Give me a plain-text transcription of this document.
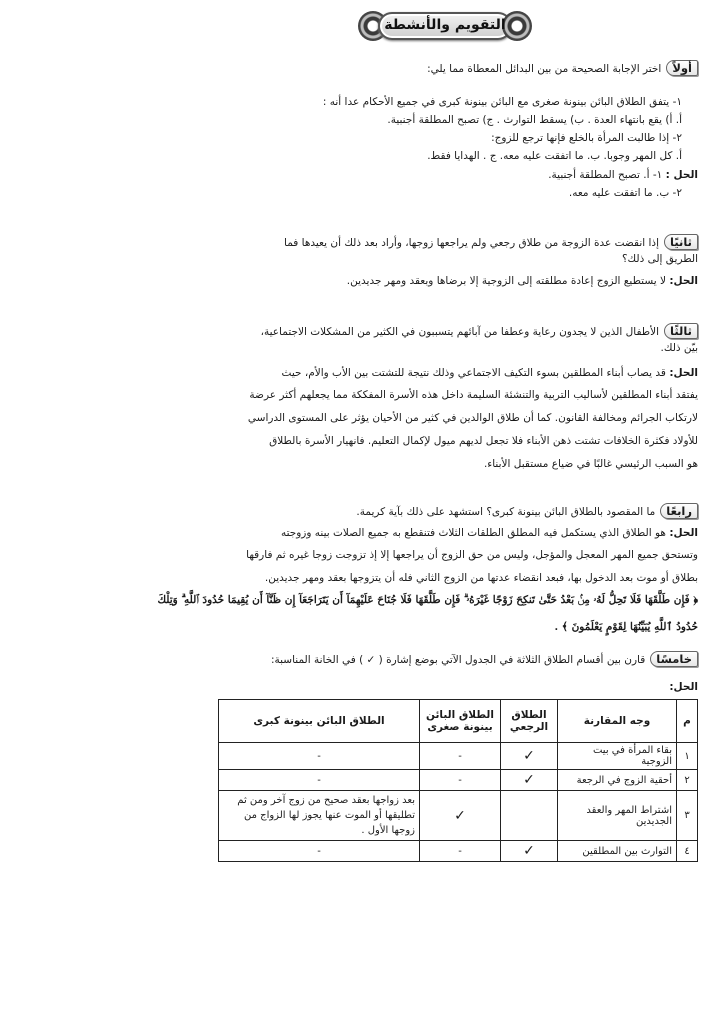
التقويم والأنشطة
أولاًاختر الإجابة الصحيحة من بين البدائل المعطاة مما يلي:
١- يتفق الطلاق البائن بينونة صغرى مع البائن بينونة كبرى في جميع الأحكام عدا أنه :
أ. أ) يقع بانتهاء العدة . ب) يسقط التوارث . ج) تصبح المطلقة أجنبية.
٢- إذا طالبت المرأة بالخلع فإنها ترجع للزوج:
أ. كل المهر وجوبا. ب. ما اتفقت عليه معه. ج . الهدايا فقط.
الحل : ١- أ. تصبح المطلقة أجنبية.
٢- ب. ما اتفقت عليه معه.
ثانيًاإذا انقضت عدة الزوجة من طلاق رجعي ولم يراجعها زوجها، وأراد بعد ذلك أن يعيدها فما
الطريق إلى ذلك؟
الحل: لا يستطيع الزوج إعادة مطلقته إلى الزوجية إلا برضاها وبعقد ومهر جديدين.
ثالثًاالأطفال الذين لا يجدون رعاية وعطفا من آبائهم يتسببون في الكثير من المشكلات الاجتماعية،
بيّن ذلك.
الحل: قد يصاب أبناء المطلقين بسوء التكيف الاجتماعي وذلك نتيجة للتشتت بين الأب والأم، حيث
يفتقد أبناء المطلقين لأساليب التربية والتنشئة السليمة داخل هذه الأسرة المفككة مما يجعلهم أكثر عرضة
لارتكاب الجرائم ومخالفة القانون. كما أن طلاق الوالدين في كثير من الأحيان يؤثر على المستوى الدراسي
للأولاد فكثرة الخلافات تشتت ذهن الأبناء فلا تجعل لديهم ميول لإكمال التعليم. فانهيار الأسرة بالطلاق
هو السبب الرئيسي غالبًا في ضياع مستقبل الأبناء.
رابعًاما المقصود بالطلاق البائن بينونة كبرى؟ استشهد على ذلك بآية كريمة.
الحل: هو الطلاق الذي يستكمل فيه المطلق الطلقات الثلاث فتنقطع به جميع الصلات بينه وزوجته
وتستحق جميع المهر المعجل والمؤجل، وليس من حق الزوج أن يراجعها إلا إذ تزوجت زوجا غيره ثم فارقها
بطلاق أو موت بعد الدخول بها، فبعد انقضاء عدتها من الزوج الثاني فله أن يتزوجها بعقد ومهر جديدين.
﴿ فَإِن طَلَّقَهَا فَلَا تَحِلُّ لَهُۥ مِنۢ بَعْدُ حَتَّىٰ تَنكِحَ زَوْجًا غَيْرَهُۥ ۗ فَإِن طَلَّقَهَا فَلَا جُنَاحَ عَلَيْهِمَآ أَن يَتَرَاجَعَآ إِن ظَنَّآ أَن يُقِيمَا حُدُودَ ٱللَّهِ ۗ وَتِلْكَ
حُدُودُ ٱللَّهِ يُبَيِّنُهَا لِقَوْمٍ يَعْلَمُونَ ﴾ .
خامسًاقارن بين أقسام الطلاق الثلاثة في الجدول الآتي بوضع إشارة ( ✓ ) في الخانة المناسبة:
الحل:
م	وجه المقارنة	الطلاق الرجعي	الطلاق البائن بينونة صغرى	الطلاق البائن بينونة كبرى
١	بقاء المرأة في بيت الزوجية	✓	-	-
٢	أحقية الزوج في الرجعة	✓	-	-
٣	اشتراط المهر والعقد الجديدين		✓	بعد زواجها بعقد صحيح من زوج آخر ومن ثم تطليقها أو الموت عنها يجوز لها الزواج من زوجها الأول .
٤	التوارث بين المطلقين	✓	-	-
